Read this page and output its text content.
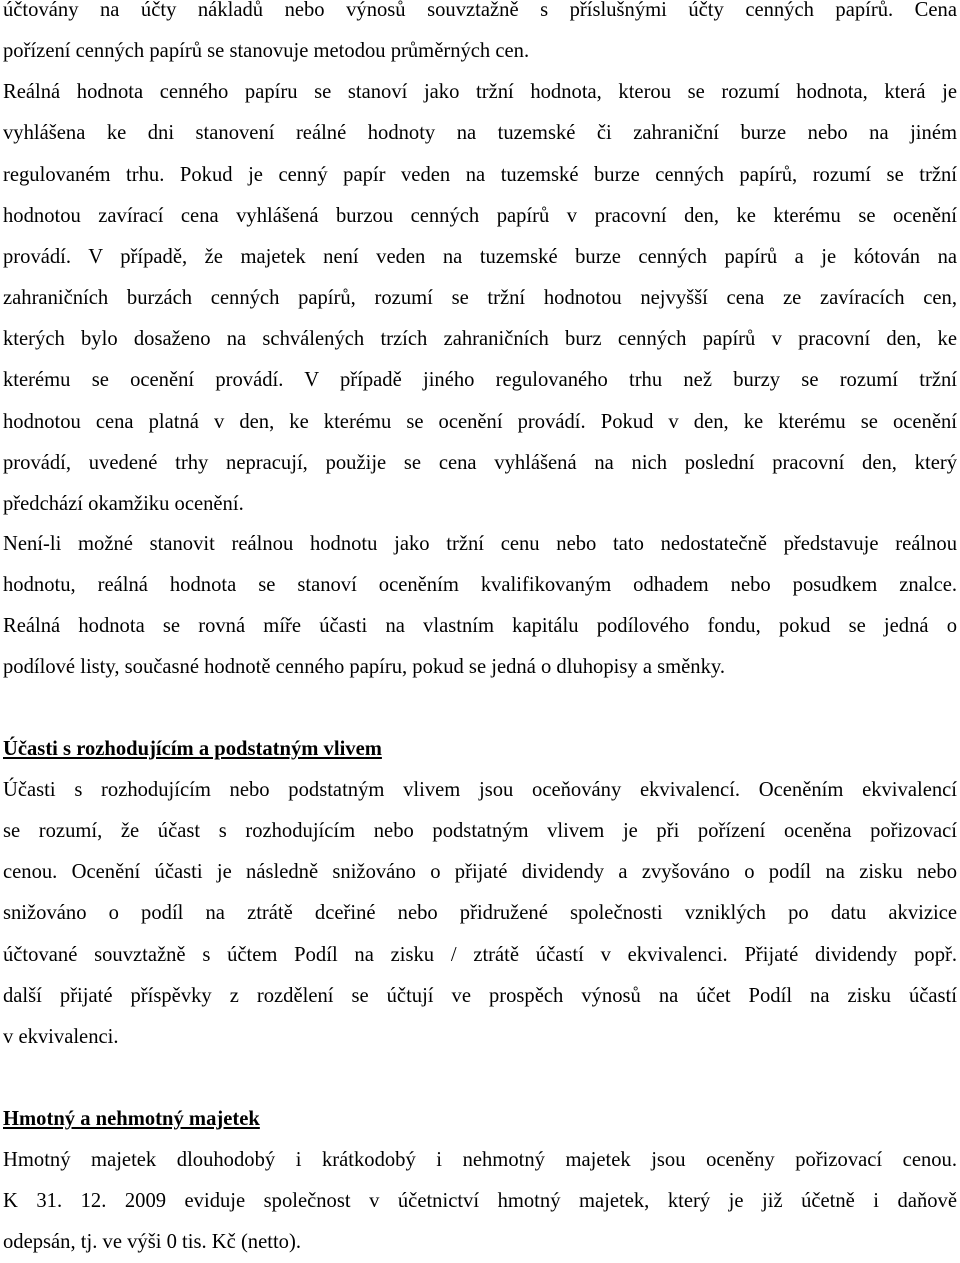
účtovány na účty nákladů nebo výnosů souvztažně s příslušnými účty cenných papírů. Cena
pořízení cenných papírů se stanovuje metodou průměrných cen.
Reálná hodnota cenného papíru se stanoví jako tržní hodnota, kterou se rozumí hodnota, která je
vyhlášena ke dni stanovení reálné hodnoty na tuzemské či zahraniční burze nebo na jiném
regulovaném trhu. Pokud je cenný papír veden na tuzemské burze cenných papírů, rozumí se tržní
hodnotou zavírací cena vyhlášená burzou cenných papírů v pracovní den, ke kterému se ocenění
provádí. V případě, že majetek není veden na tuzemské burze cenných papírů a je kótován na
zahraničních burzách cenných papírů, rozumí se tržní hodnotou nejvyšší cena ze zavíracích cen,
kterých bylo dosaženo na schválených trzích zahraničních burz cenných papírů v pracovní den, ke
kterému se ocenění provádí. V případě jiného regulovaného trhu než burzy se rozumí tržní
hodnotou cena platná v den, ke kterému se ocenění provádí. Pokud v den, ke kterému se ocenění
provádí, uvedené trhy nepracují, použije se cena vyhlášená na nich poslední pracovní den, který
předchází okamžiku ocenění.
Není-li možné stanovit reálnou hodnotu jako tržní cenu nebo tato nedostatečně představuje reálnou
hodnotu, reálná hodnota se stanoví oceněním kvalifikovaným odhadem nebo posudkem znalce.
Reálná hodnota se rovná míře účasti na vlastním kapitálu podílového fondu, pokud se jedná o
podílové listy, současné hodnotě cenného papíru, pokud se jedná o dluhopisy a směnky.
Účasti s rozhodujícím a podstatným vlivem
Účasti s rozhodujícím nebo podstatným vlivem jsou oceňovány ekvivalencí. Oceněním ekvivalencí
se rozumí, že účast s rozhodujícím nebo podstatným vlivem je při pořízení oceněna pořizovací
cenou. Ocenění účasti je následně snižováno o přijaté dividendy a zvyšováno o podíl na zisku nebo
snižováno o podíl na ztrátě dceřiné nebo přidružené společnosti vzniklých po datu akvizice
účtované souvztažně s účtem Podíl na zisku / ztrátě účastí v ekvivalenci. Přijaté dividendy popř.
další přijaté příspěvky z rozdělení se účtují ve prospěch výnosů na účet Podíl na zisku účastí
v ekvivalenci.
Hmotný a nehmotný majetek
Hmotný majetek dlouhodobý i krátkodobý i nehmotný majetek jsou oceněny pořizovací cenou.
K 31. 12. 2009 eviduje společnost v účetnictví hmotný majetek, který je již účetně i daňově
odepsán, tj. ve výši 0 tis. Kč (netto).
